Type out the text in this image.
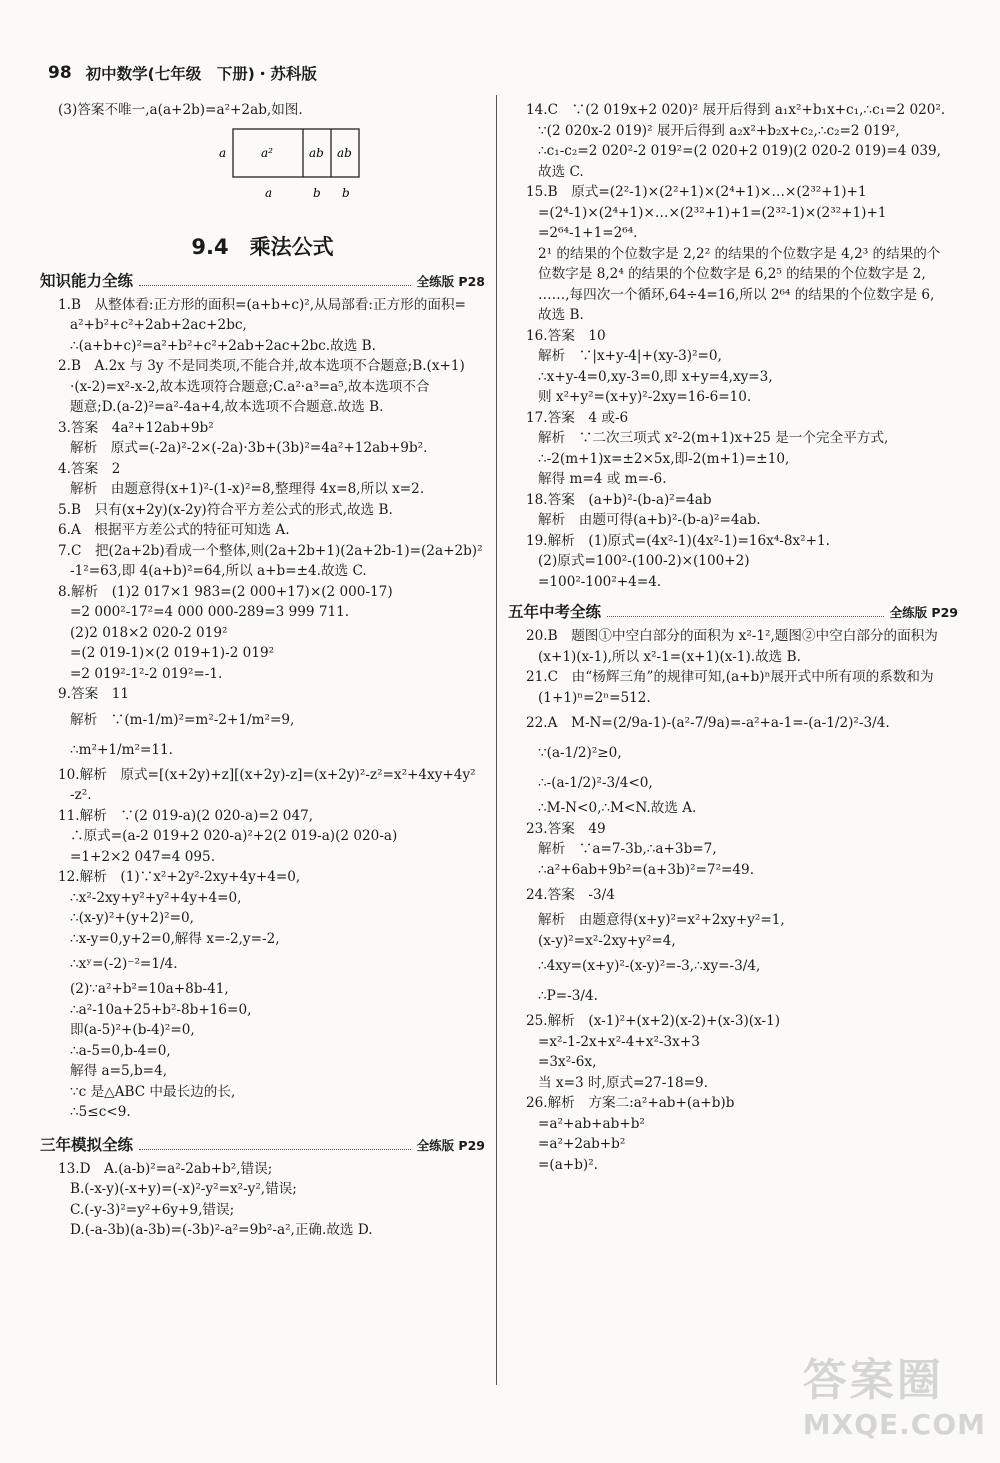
98 初中数学(七年级　下册)・苏科版
(3)答案不唯一,a(a+2b)=a²+2ab,如图.
a	a²	ab ab
a	b b
9.4　乘法公式
知识能力全练	全练版 P28
1.B　从整体看:正方形的面积=(a+b+c)²,从局部看:正方形的面积=
a²+b²+c²+2ab+2ac+2bc,
∴(a+b+c)²=a²+b²+c²+2ab+2ac+2bc.故选 B.
2.B　A.2x 与 3y 不是同类项,不能合并,故本选项不合题意;B.(x+1)
·(x-2)=x²-x-2,故本选项符合题意;C.a²·a³=a⁵,故本选项不合
题意;D.(a-2)²=a²-4a+4,故本选项不合题意.故选 B.
3.答案　4a²+12ab+9b²
解析　原式=(-2a)²-2×(-2a)·3b+(3b)²=4a²+12ab+9b².
4.答案　2
解析　由题意得(x+1)²-(1-x)²=8,整理得 4x=8,所以 x=2.
5.B　只有(x+2y)(x-2y)符合平方差公式的形式,故选 B.
6.A　根据平方差公式的特征可知选 A.
7.C　把(2a+2b)看成一个整体,则(2a+2b+1)(2a+2b-1)=(2a+2b)²
-1²=63,即 4(a+b)²=64,所以 a+b=±4.故选 C.
8.解析　(1)2 017×1 983=(2 000+17)×(2 000-17)
=2 000²-17²=4 000 000-289=3 999 711.
(2)2 018×2 020-2 019²
=(2 019-1)×(2 019+1)-2 019²
=2 019²-1²-2 019²=-1.
9.答案　11
解析　∵(m-1/m)²=m²-2+1/m²=9,
∴m²+1/m²=11.
10.解析　原式=[(x+2y)+z][(x+2y)-z]=(x+2y)²-z²=x²+4xy+4y²
-z².
11.解析　∵(2 019-a)(2 020-a)=2 047,
∴原式=(a-2 019+2 020-a)²+2(2 019-a)(2 020-a)
=1+2×2 047=4 095.
12.解析　(1)∵x²+2y²-2xy+4y+4=0,
∴x²-2xy+y²+y²+4y+4=0,
∴(x-y)²+(y+2)²=0,
∴x-y=0,y+2=0,解得 x=-2,y=-2,
∴xʸ=(-2)⁻²=1/4.
(2)∵a²+b²=10a+8b-41,
∴a²-10a+25+b²-8b+16=0,
即(a-5)²+(b-4)²=0,
∴a-5=0,b-4=0,
解得 a=5,b=4,
∵c 是△ABC 中最长边的长,
∴5≤c<9.
三年模拟全练	全练版 P29
13.D　A.(a-b)²=a²-2ab+b²,错误;
B.(-x-y)(-x+y)=(-x)²-y²=x²-y²,错误;
C.(-y-3)²=y²+6y+9,错误;
D.(-a-3b)(a-3b)=(-3b)²-a²=9b²-a²,正确.故选 D.
14.C　∵(2 019x+2 020)² 展开后得到 a₁x²+b₁x+c₁,∴c₁=2 020².
∵(2 020x-2 019)² 展开后得到 a₂x²+b₂x+c₂,∴c₂=2 019²,
∴c₁-c₂=2 020²-2 019²=(2 020+2 019)(2 020-2 019)=4 039,
故选 C.
15.B　原式=(2²-1)×(2²+1)×(2⁴+1)×…×(2³²+1)+1
=(2⁴-1)×(2⁴+1)×…×(2³²+1)+1=(2³²-1)×(2³²+1)+1
=2⁶⁴-1+1=2⁶⁴.
2¹ 的结果的个位数字是 2,2² 的结果的个位数字是 4,2³ 的结果的个
位数字是 8,2⁴ 的结果的个位数字是 6,2⁵ 的结果的个位数字是 2,
……,每四次一个循环,64÷4=16,所以 2⁶⁴ 的结果的个位数字是 6,
故选 B.
16.答案　10
解析　∵|x+y-4|+(xy-3)²=0,
∴x+y-4=0,xy-3=0,即 x+y=4,xy=3,
则 x²+y²=(x+y)²-2xy=16-6=10.
17.答案　4 或-6
解析　∵二次三项式 x²-2(m+1)x+25 是一个完全平方式,
∴-2(m+1)x=±2×5x,即-2(m+1)=±10,
解得 m=4 或 m=-6.
18.答案　(a+b)²-(b-a)²=4ab
解析　由题可得(a+b)²-(b-a)²=4ab.
19.解析　(1)原式=(4x²-1)(4x²-1)=16x⁴-8x²+1.
(2)原式=100²-(100-2)×(100+2)
=100²-100²+4=4.
五年中考全练	全练版 P29
20.B　题图①中空白部分的面积为 x²-1²,题图②中空白部分的面积为
(x+1)(x-1),所以 x²-1=(x+1)(x-1).故选 B.
21.C　由“杨辉三角”的规律可知,(a+b)ⁿ展开式中所有项的系数和为
(1+1)ⁿ=2ⁿ=512.
22.A　M-N=(2/9a-1)-(a²-7/9a)=-a²+a-1=-(a-1/2)²-3/4.
∵(a-1/2)²≥0,
∴-(a-1/2)²-3/4<0,
∴M-N<0,∴M<N.故选 A.
23.答案　49
解析　∵a=7-3b,∴a+3b=7,
∴a²+6ab+9b²=(a+3b)²=7²=49.
24.答案　-3/4
解析　由题意得(x+y)²=x²+2xy+y²=1,
(x-y)²=x²-2xy+y²=4,
∴4xy=(x+y)²-(x-y)²=-3,∴xy=-3/4,
∴P=-3/4.
25.解析　(x-1)²+(x+2)(x-2)+(x-3)(x-1)
=x²-1-2x+x²-4+x²-3x+3
=3x²-6x,
当 x=3 时,原式=27-18=9.
26.解析　方案二:a²+ab+(a+b)b
=a²+ab+ab+b²
=a²+2ab+b²
=(a+b)².
答案圈
MXQE.COM
